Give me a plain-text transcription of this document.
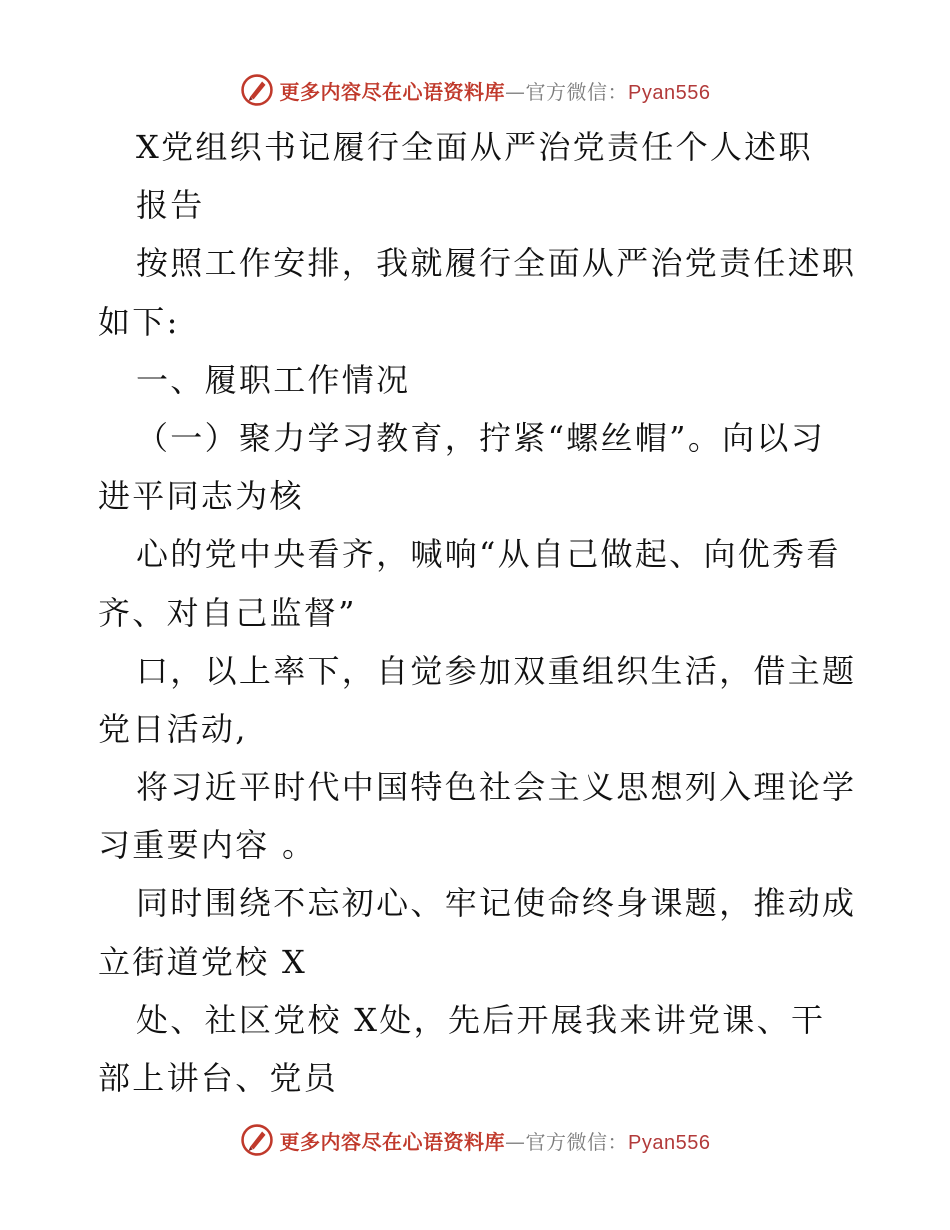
更多内容尽在心语资料库—官方微信：Pyan556
X党组织书记履行全面从严治党责任个人述职
报告
按照工作安排，我就履行全面从严治党责任述职
如下:
一、履职工作情况
（一）聚力学习教育，拧紧“螺丝帽”。向以习
进平同志为核
心的党中央看齐，喊响“从自己做起、向优秀看
齐、对自己监督”
口，以上率下，自觉参加双重组织生活，借主题
党日活动,
将习近平时代中国特色社会主义思想列入理论学
习重要内容 。
同时围绕不忘初心、牢记使命终身课题，推动成
立街道党校 X
处、社区党校 X处，先后开展我来讲党课、干
部上讲台、党员
更多内容尽在心语资料库—官方微信：Pyan556
